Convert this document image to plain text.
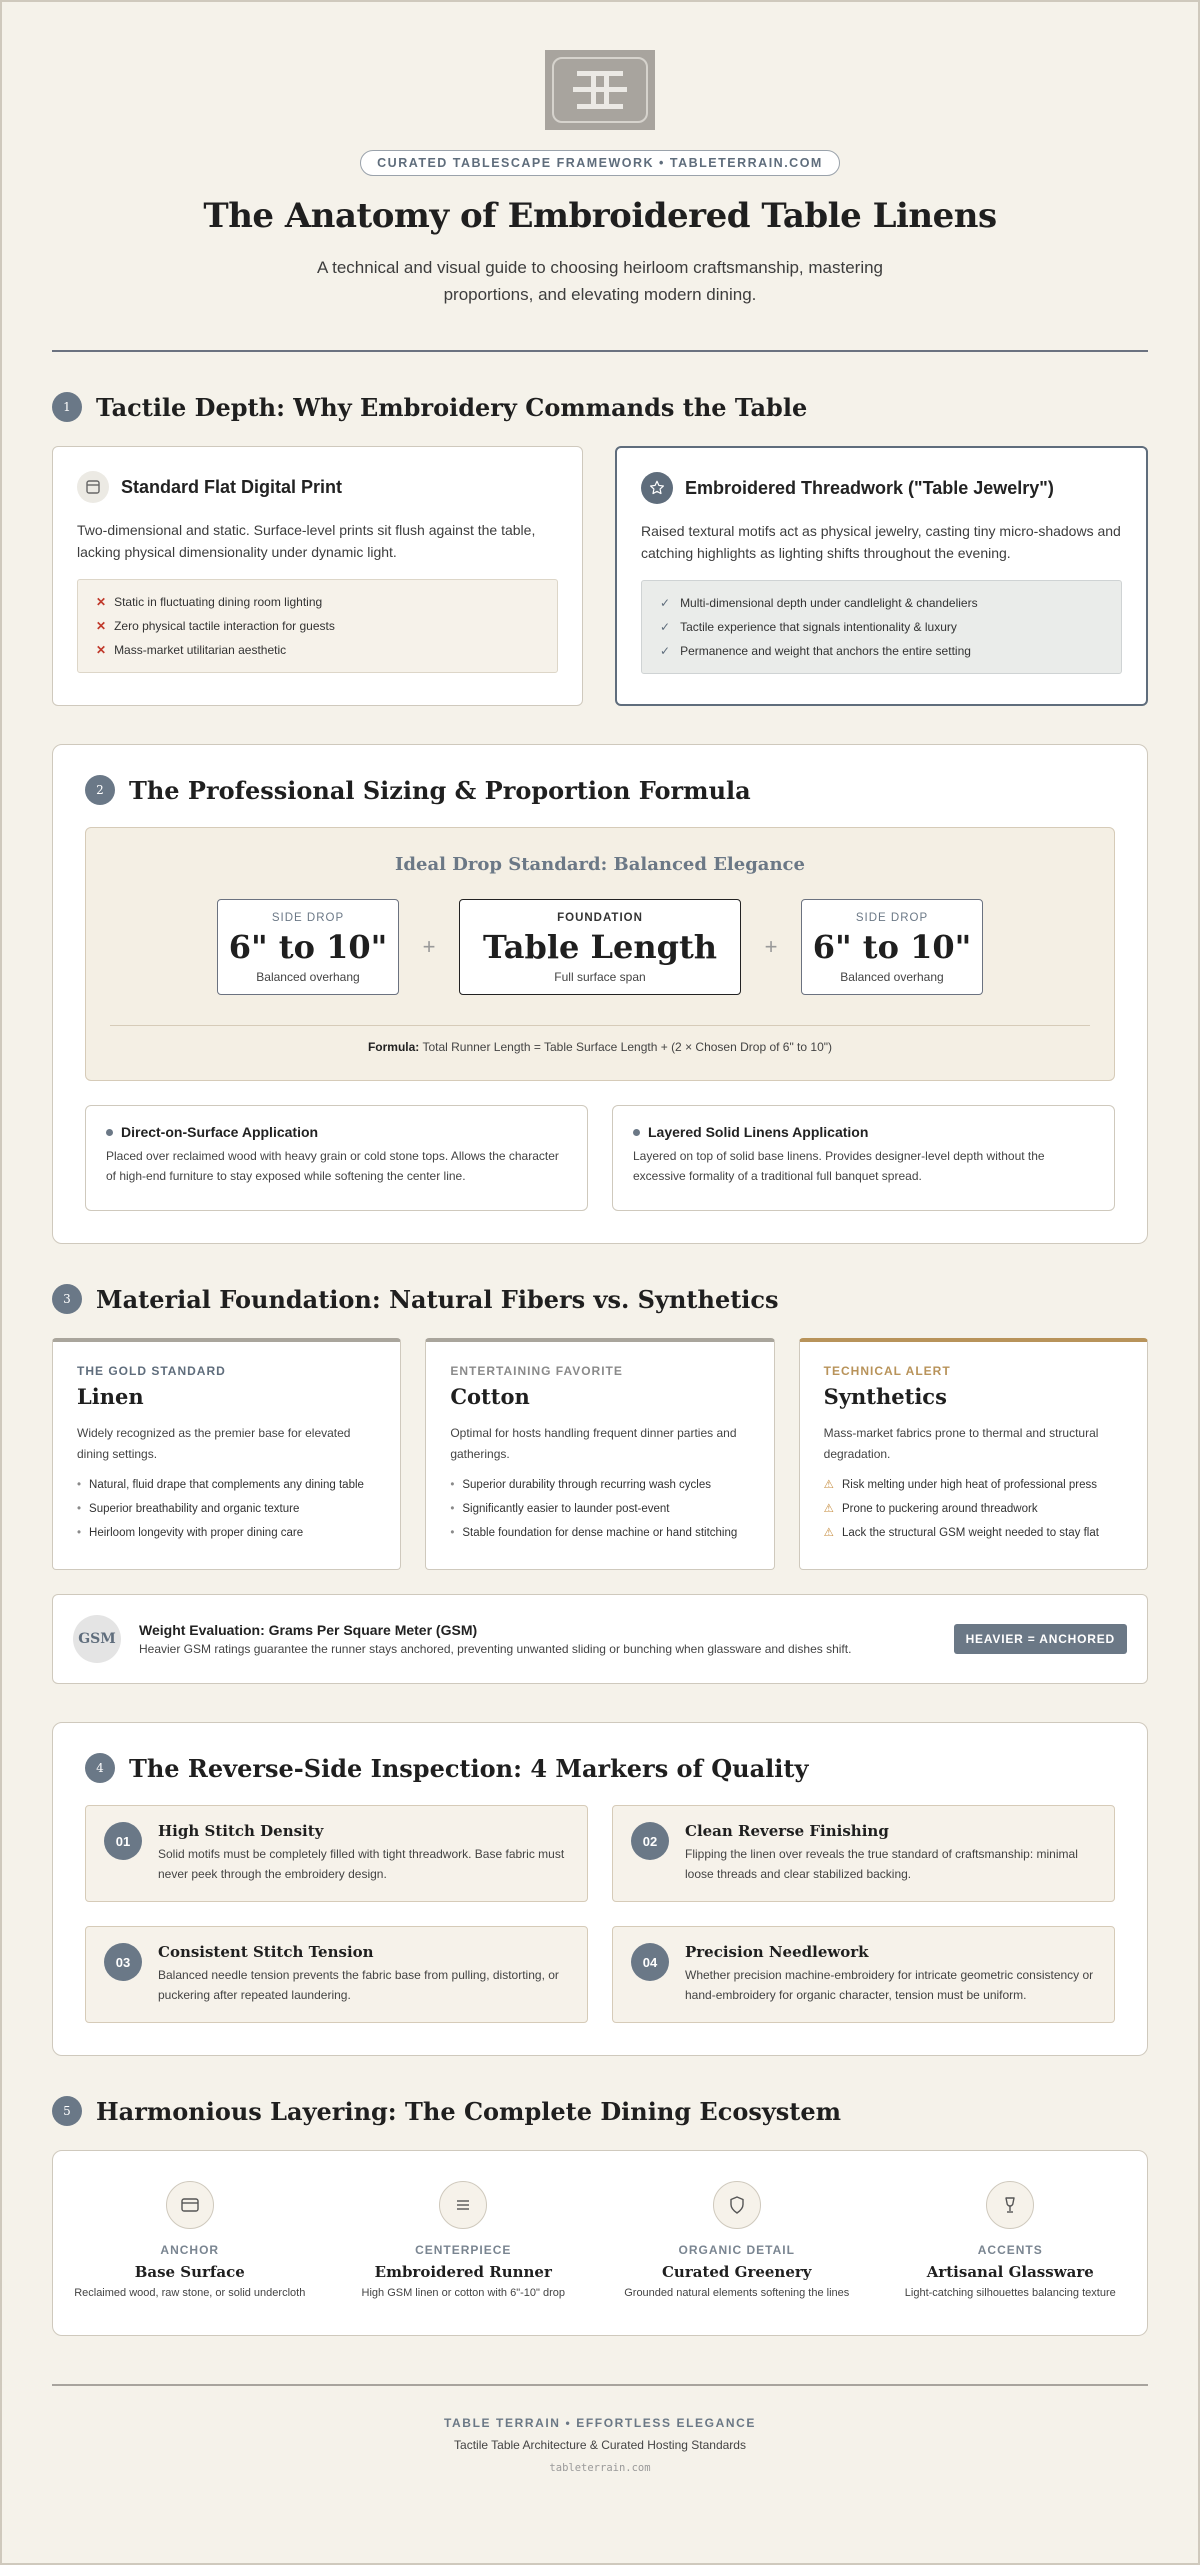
CURATED TABLESCAPE FRAMEWORK • TABLETERRAIN.COM
The Anatomy of Embroidered Table Linens

A technical and visual guide to choosing heirloom craftsmanship, mastering proportions, and elevating modern dining.

1	Tactile Depth: Why Embroidery Commands the Table
Standard Flat Digital Print

Two-dimensional and static. Surface-level prints sit flush against the table, lacking physical dimensionality under dynamic light.

✕ Static in fluctuating dining room lighting
✕ Zero physical tactile interaction for guests
✕ Mass-market utilitarian aesthetic
Embroidered Threadwork ("Table Jewelry")

Raised textural motifs act as physical jewelry, casting tiny micro-shadows and catching highlights as lighting shifts throughout the evening.

✓ Multi-dimensional depth under candlelight & chandeliers
✓ Tactile experience that signals intentionality & luxury
✓ Permanence and weight that anchors the entire setting
2	The Professional Sizing & Proportion Formula
Ideal Drop Standard: Balanced Elegance
SIDE DROP
6" to 10"
Balanced overhang
+
FOUNDATION
Table Length
Full surface span
+
SIDE DROP
6" to 10"
Balanced overhang
Formula: Total Runner Length = Table Surface Length + (2 × Chosen Drop of 6" to 10")
Direct-on-Surface Application

Placed over reclaimed wood with heavy grain or cold stone tops. Allows the character of high-end furniture to stay exposed while softening the center line.

Layered Solid Linens Application

Layered on top of solid base linens. Provides designer-level depth without the excessive formality of a traditional full banquet spread.

3	Material Foundation: Natural Fibers vs. Synthetics
THE GOLD STANDARD
Linen

Widely recognized as the premier base for elevated dining settings.

• Natural, fluid drape that complements any dining table
• Superior breathability and organic texture
• Heirloom longevity with proper dining care
ENTERTAINING FAVORITE
Cotton

Optimal for hosts handling frequent dinner parties and gatherings.

• Superior durability through recurring wash cycles
• Significantly easier to launder post-event
• Stable foundation for dense machine or hand stitching
TECHNICAL ALERT
Synthetics

Mass-market fabrics prone to thermal and structural degradation.

⚠ Risk melting under high heat of professional press
⚠ Prone to puckering around threadwork
⚠ Lack the structural GSM weight needed to stay flat
GSM
Weight Evaluation: Grams Per Square Meter (GSM)
Heavier GSM ratings guarantee the runner stays anchored, preventing unwanted sliding or bunching when glassware and dishes shift.
HEAVIER = ANCHORED
4	The Reverse-Side Inspection: 4 Markers of Quality
01
High Stitch Density

Solid motifs must be completely filled with tight threadwork. Base fabric must never peek through the embroidery design.

02
Clean Reverse Finishing

Flipping the linen over reveals the true standard of craftsmanship: minimal loose threads and clear stabilized backing.

03
Consistent Stitch Tension

Balanced needle tension prevents the fabric base from pulling, distorting, or puckering after repeated laundering.

04
Precision Needlework

Whether precision machine-embroidery for intricate geometric consistency or hand-embroidery for organic character, tension must be uniform.

5	Harmonious Layering: The Complete Dining Ecosystem
ANCHOR
Base Surface
Reclaimed wood, raw stone, or solid undercloth
CENTERPIECE
Embroidered Runner
High GSM linen or cotton with 6"-10" drop
ORGANIC DETAIL
Curated Greenery
Grounded natural elements softening the lines
ACCENTS
Artisanal Glassware
Light-catching silhouettes balancing texture
TABLE TERRAIN • EFFORTLESS ELEGANCE
Tactile Table Architecture & Curated Hosting Standards
tableterrain.com
